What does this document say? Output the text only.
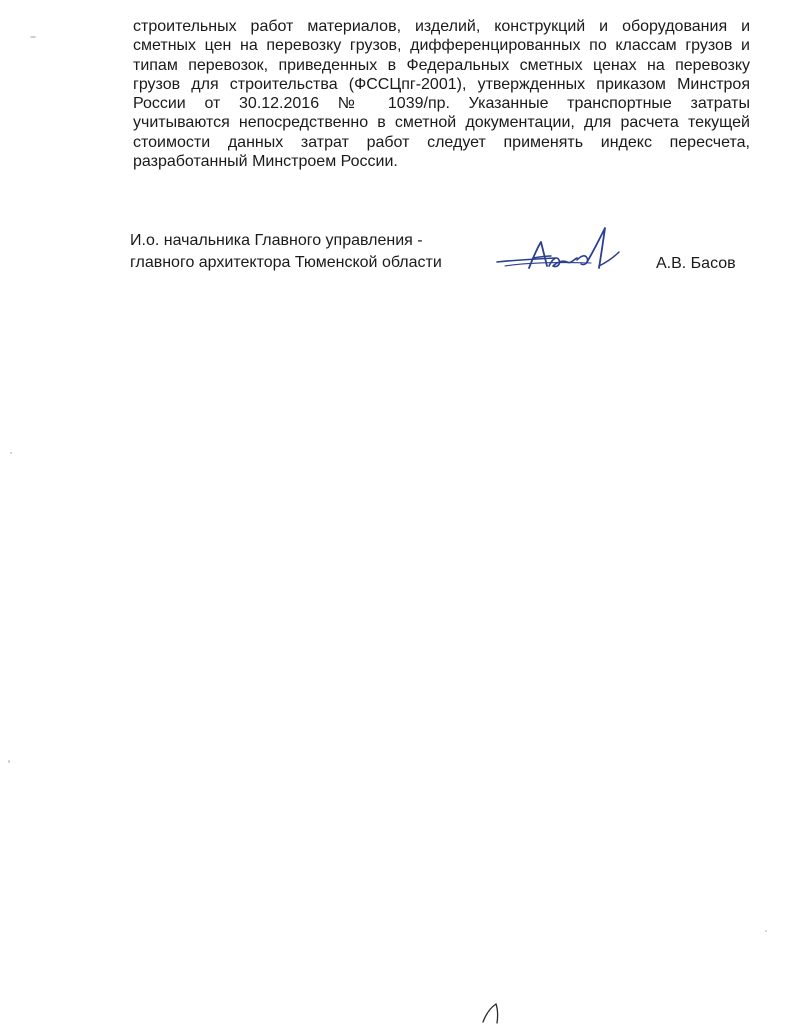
строительных работ материалов, изделий, конструкций и оборудования и
сметных цен на перевозку грузов, дифференцированных по классам грузов и
типам перевозок, приведенных в Федеральных сметных ценах на перевозку
грузов для строительства (ФССЦпг-2001), утвержденных приказом Минстроя
России от 30.12.2016 № 1039/пр. Указанные транспортные затраты
учитываются непосредственно в сметной документации, для расчета текущей
стоимости данных затрат работ следует применять индекс пересчета,
разработанный Минстроем России.
И.о. начальника Главного управления -
главного архитектора Тюменской области	А.В. Басов
